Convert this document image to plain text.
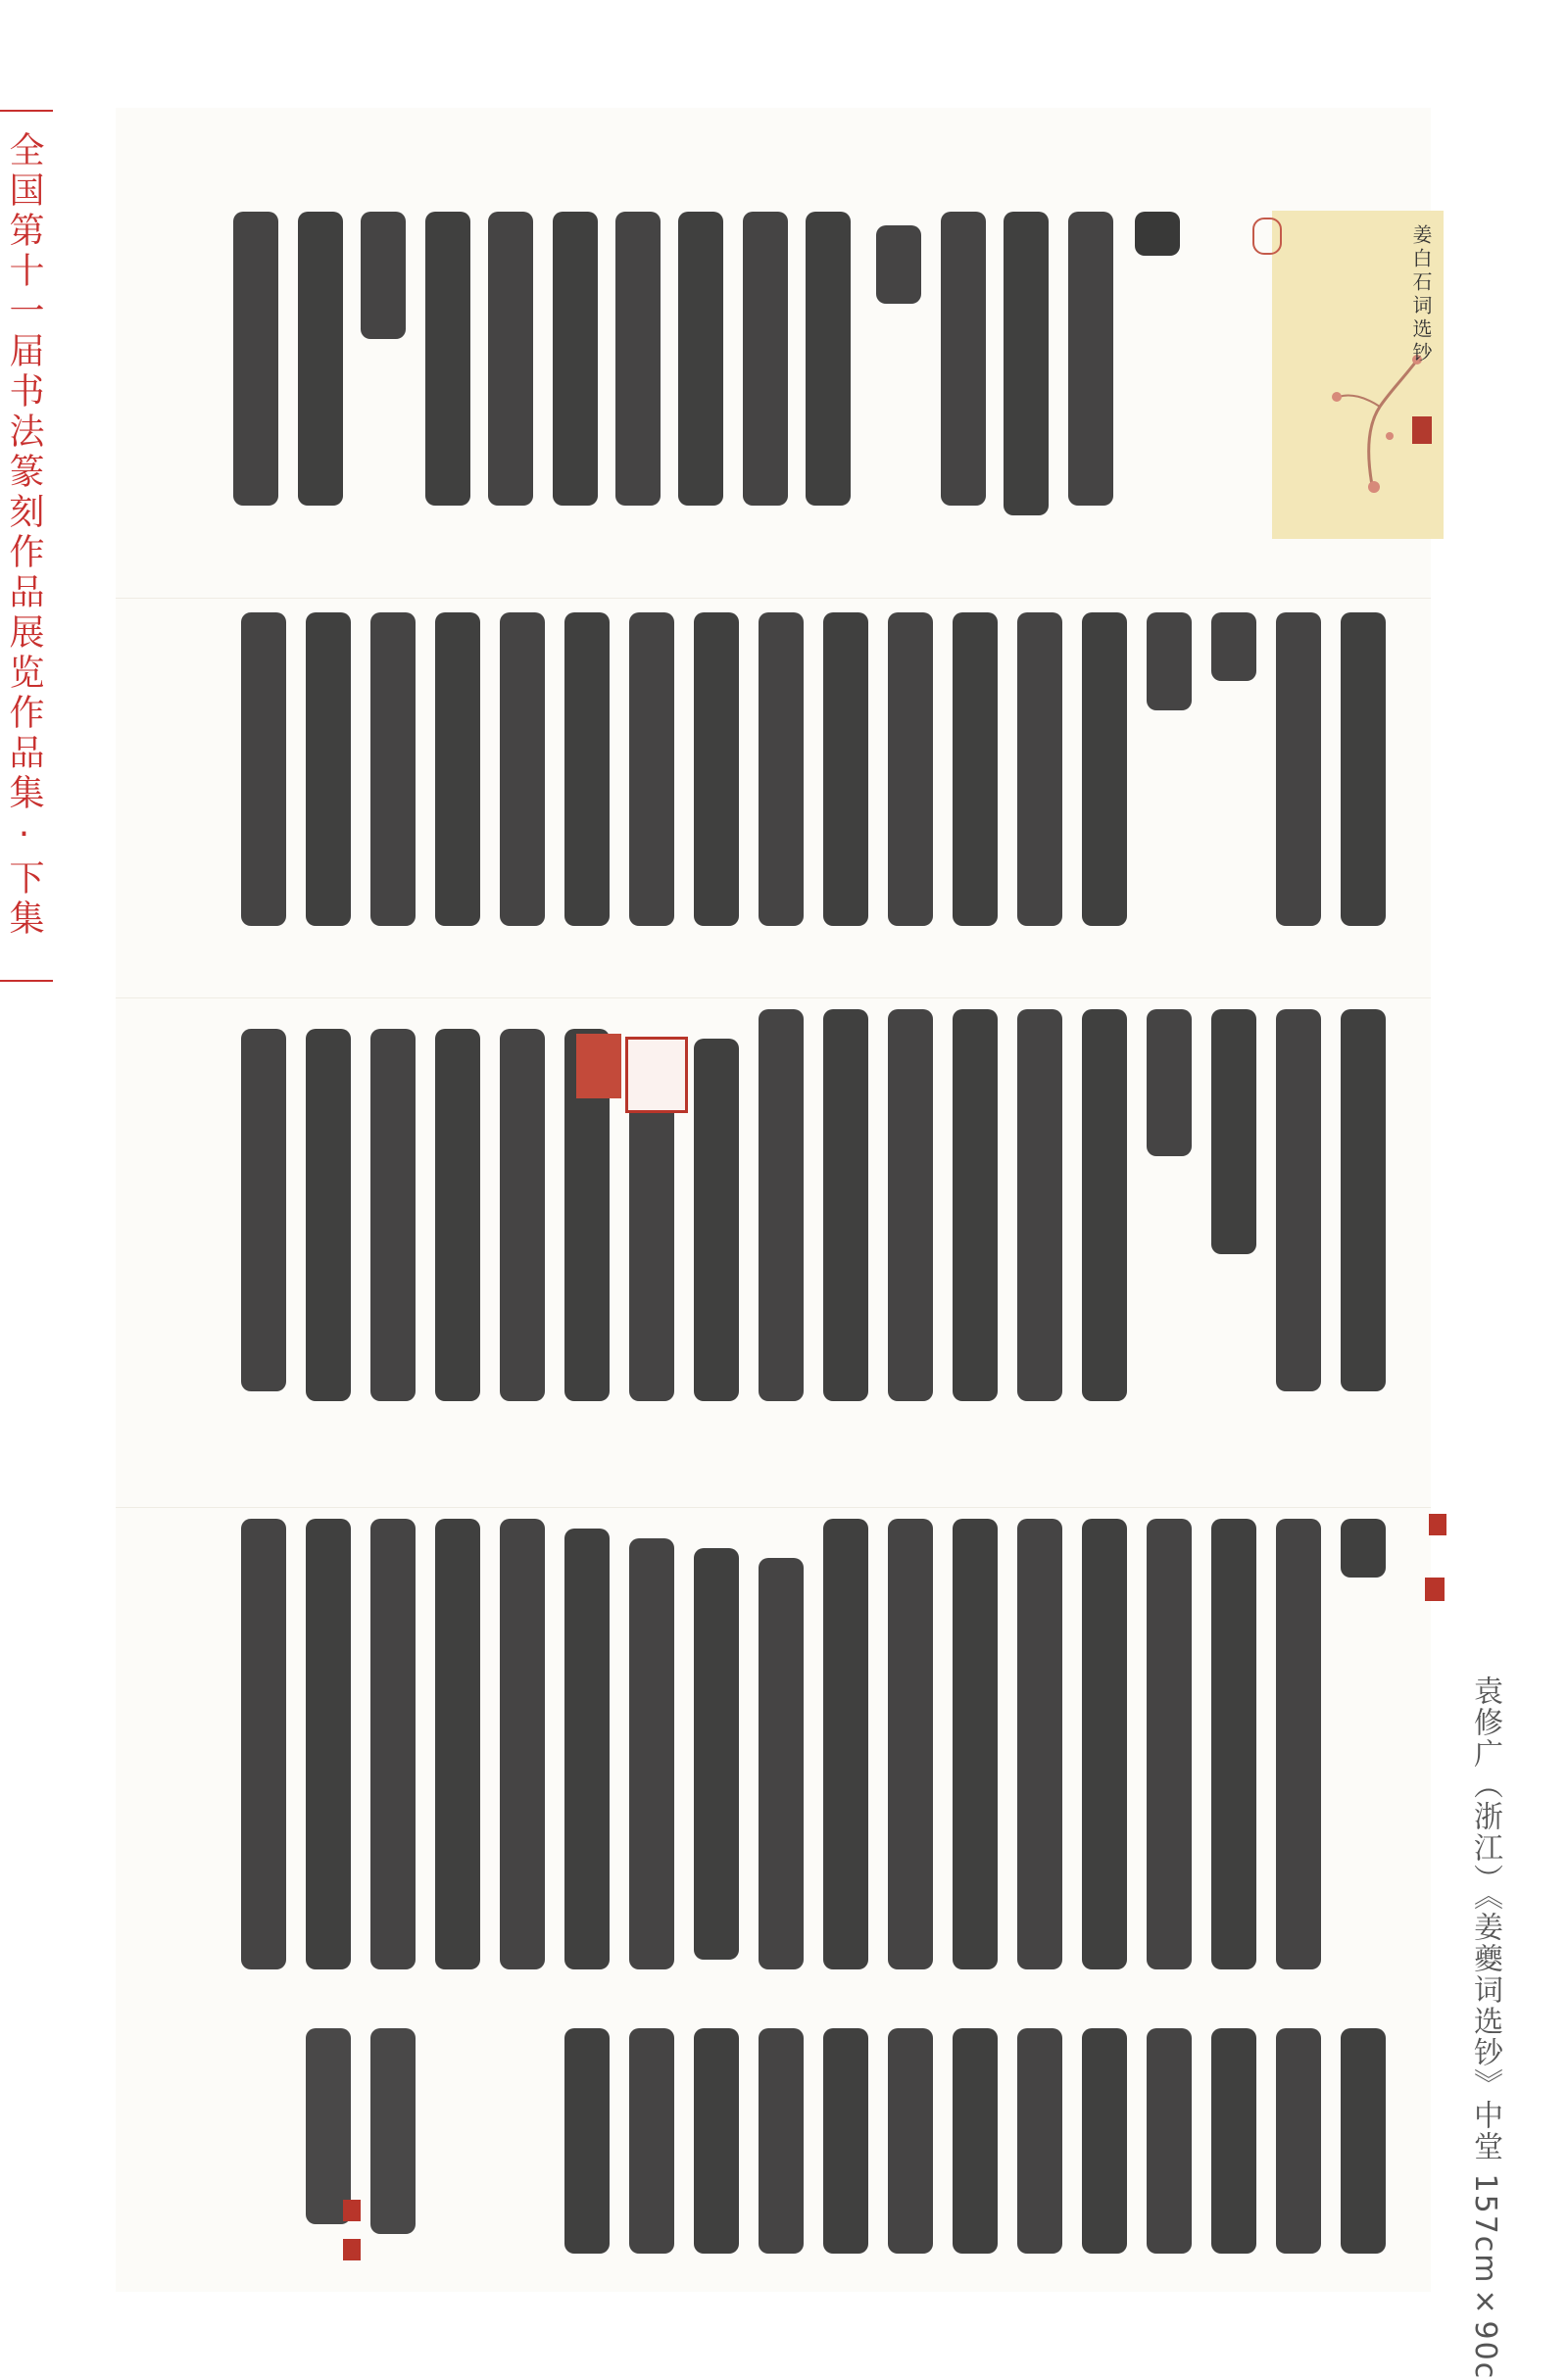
全国第十一届书法篆刻作品展览作品集·下集	姜白石词选钞
袁修广（浙江）《姜夔词选钞》中堂 157cm×90c
